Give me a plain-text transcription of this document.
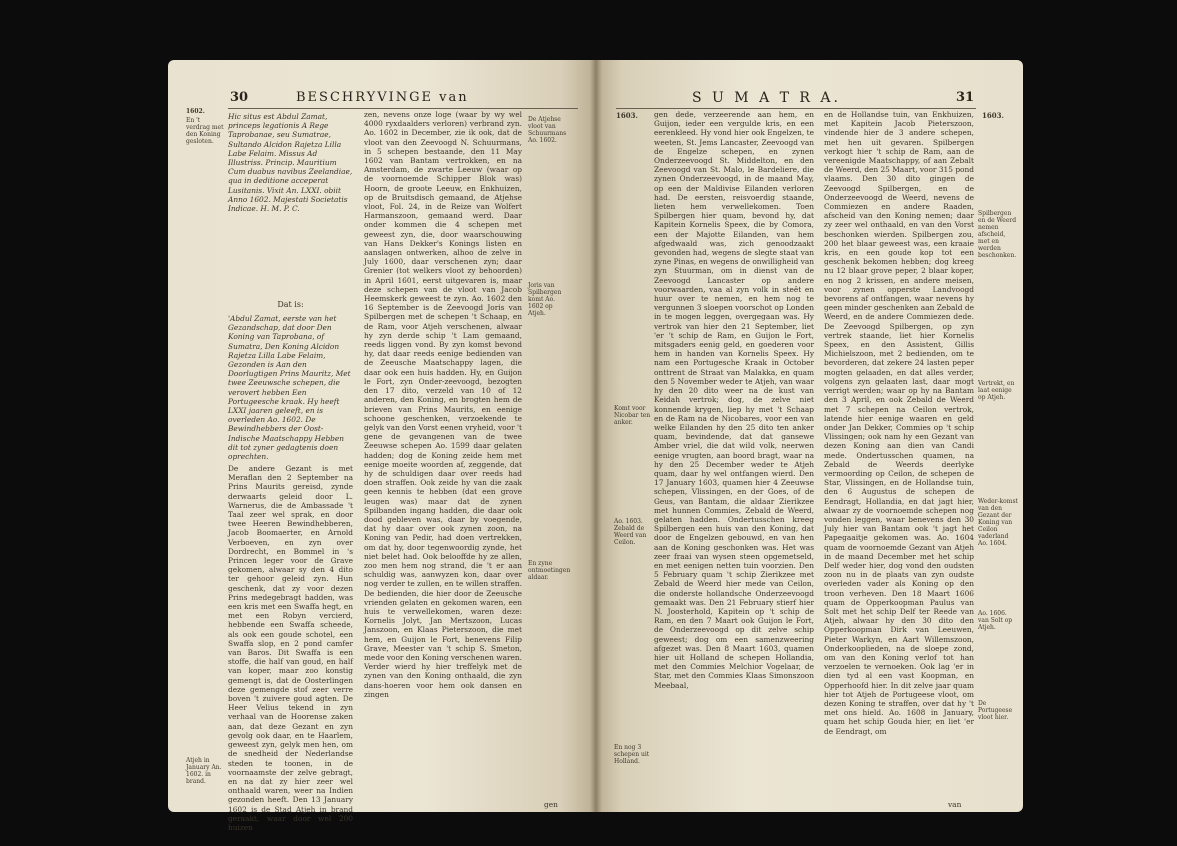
30	BESCHRYVINGE van
1602.
En 't verdrag met den Koning gesloten.
Hic situs est Abdul Zamat, princeps legationis A Rege Taprobanae, seu Sumatrae, Sultando Alcidon Rajetza Lilla Labe Felaim. Missus Ad Illustriss. Princip. Mauritium Cum duabus navibus Zeelandiae, qua in deditione acceperat Lusitanis. Vixit An. LXXI. obiit Anno 1602. Majestati Societatis Indicae. H. M. P. C.
Dat is:
'Abdul Zamat, eerste van het Gezandschap, dat door Den Koning van Taprobana, of Sumatra, Den Koning Alcidon Rajetza Lilla Labe Felaim, Gezonden is Aan den Doorlugtigen Prins Mauritz, Met twee Zeeuwsche schepen, die verovert hebben Een Portugeesche kraak. Hy heeft LXXI jaaren geleeft, en is overleden Ao. 1602. De Bewindhebbers der Oost-Indische Maatschappy Hebben dit tot zyner gedagtenis doen oprechten.
De andere Gezant is met Meraflan den 2 September na Prins Maurits gereisd, zynde derwaarts geleid door L. Warnerus, die de Ambassade 't Taal zeer wel sprak, en door twee Heeren Bewindhebberen, Jacob Boomaerter, en Arnold Verboeven, en zyn over Dordrecht, en Bommel in 's Princen leger voor de Grave gekomen, alwaar sy den 4 dito ter gehoor geleid zyn. Hun geschenk, dat zy voor dezen Prins medegebragt hadden, was een kris met een Swaffa hegt, en met een Robyn vercierd, hebbende een Swaffa scheede, als ook een goude schotel, een Swaffa slop, en 2 pond camfer van Baros. Dit Swaffa is een stoffe, die half van goud, en half van koper, maar zoo konstig gemengt is, dat de Oosterlingen deze gemengde stof zeer verre boven 't zuivere goud agten. De Heer Velius tekend in zyn verhaal van de Hoorense zaken aan, dat deze Gezant en zyn gevolg ook daar, en te Haarlem, geweest zyn, gelyk men hen, om de snedheid der Nederlandse steden te toonen, in de voornaamste der zelve gebragt, en na dat zy hier zeer wel onthaald waren, weer na Indien gezonden heeft. Den 13 January 1602 is de Stad Atjeh in brand geraakt, waar door wel 200 huizen
Atjeh in January An. 1602. in brand.
zen, nevens onze loge (waar by wy wel 4000 ryxdaalders verloren) verbrand zyn. Ao. 1602 in December, zie ik ook, dat de vloot van den Zeevoogd N. Schuurmans, in 5 schepen bestaande, den 11 May 1602 van Bantam vertrokken, en na Amsterdam, de zwarte Leeuw (waar op de voornoemde Schipper Blok was) Hoorn, de groote Leeuw, en Enkhuizen, op de Bruitsdisch gemaand, de Atjehse vloot, Fol. 24, in de Reize van Wolfert Harmanszoon, gemaand werd. Daar onder kommen die 4 schepen met geweest zyn, die, door waarschouwing van Hans Dekker's Konings listen en aanslagen ontwerken, alhoo de zelve in July 1600, daar verschenen zyn; daar Grenier (tot welkers vloot zy behoorden) in April 1601, eerst uitgevaren is, maar deze schepen van de vloot van Jacob Heemskerk geweest te zyn. Ao. 1602 den 16 September is de Zeevoogd Joris van Spilbergen met de schepen 't Schaap, en de Ram, voor Atjeh verschenen, alwaar hy zyn derde schip 't Lam gemaand, reeds liggen vond. By zyn komst bevond hy, dat daar reeds eenige bedienden van de Zeeusche Maatschappy lagen, die daar ook een huis hadden. Hy, en Guijon le Fort, zyn Onder-zeevoogd, bezogten den 17 dito, verzeld van 10 of 12 anderen, den Koning, en brogten hem de brieven van Prins Maurits, en eenige schoone geschenken, verzoekende te gelyk van den Vorst eenen vryheid, voor 't gene de gevangenen van de twee Zeeuwse schepen Ao. 1599 daar gelaten hadden; dog de Koning zeide hem met eenige moeite woorden af, zeggende, dat hy de schuldigen daar over reeds had doen straffen. Ook zeide hy van die zaak geen kennis te hebben (dat een grove leugen was) maar dat de zynen Spilbanden ingang hadden, die daar ook dood gebleven was, daar by voegende, dat hy daar over ook zynen zoon, na Koning van Pedir, had doen vertrekken, om dat hy, door tegenwoordig zynde, het niet belet had. Ook belooffde hy ze allen, zoo men hem nog strand, die 't er aan schuldig was, aanwyzen kon, daar over nog verder te zullen, en te willen straffen. De bedienden, die hier door de Zeeusche vrienden gelaten en gekomen waren, een huis te verwellekomen, waren deze: Kornelis Jolyt, Jan Mertszoon, Lucas Janszoon, en Klaas Pieterszoon, die met hem, en Guijon le Fort, benevens Filip Grave, Meester van 't schip S. Smeton, mede voor den Koning verschenen waren. Verder wierd hy hier treffelyk met de zynen van den Koning onthaald, die zyn dans-hoeren voor hem ook dansen en zingen
De Atjehse vloot van Schuurmans Ao. 1602.
Joris van Spilbergen komt Ao. 1602 op Atjeh.
En zyne ontmoetingen aldaar.
gen
S U M A T R A.	31
1603.	1603.
gen dede, verzeerende aan hem, en Guijon, ieder een vergulde kris, en een eerenkleed. Hy vond hier ook Engelzen, te weeten, St. Jems Lancaster, Zeevoogd van de Engelze schepen, en zynen Onderzeevoogd St. Middelton, en den Zeevoogd van St. Malo, le Bardeliere, die zynen Onderzeevoogd, in de maand May, op een der Maldivise Eilanden verloren had. De eersten, reisvoerdig staande, lieten hem verwellekomen. Toen Spilbergen hier quam, bevond hy, dat Kapitein Kornelis Speex, die by Comora, een der Majotte Eilanden, van hem afgedwaald was, zich genoodzaakt gevonden had, wegens de slegte staat van zyne Pinas, en wegens de onwilligheid van zyn Stuurman, om in dienst van de Zeevoogd Lancaster op andere voorwaarden, vaa al zyn volk in steêt en huur over te nemen, en hem nog te vergunnen 3 sloepen voorschot op Londen in te mogen leggen, overgegaan was. Hy vertrok van hier den 21 September, liet 'er 't schip de Ram, en Guijon le Fort, mitsgaders eenig geld, en goederen voor hem in handen van Kornelis Speex. Hy nam een Portugesche Kraak in October onttrent de Straat van Malakka, en quam den 5 November weder te Atjeh, van waar hy den 20 dito weer na de kust van Keidah vertrok; dog, de zelve niet konnende krygen, liep hy met 't Schaap en de Ram na de Nicobares, voor een van welke Eilanden hy den 25 dito ten anker quam, bevindende, dat dat gansewe Amber vriel, die dat wild volk, neerwen eenige vrugten, aan boord bragt, waar na hy den 25 December weder te Atjeh quam, daar hy wel ontfangen wierd. Den 17 January 1603, quamen hier 4 Zeeuwse schepen, Vlissingen, en der Goes, of de Geus, van Bantam, die aldaar Zierikzee met hunnen Commies, Zebald de Weerd, gelaten hadden. Ondertusschen kreeg Spilbergen een huis van den Koning, dat door de Engelzen gebouwd, en van hen aan de Koning geschonken was. Het was zeer fraai van wysen steen opgemetseld, en met eenigen netten tuin voorzien. Den 5 February quam 't schip Zierikzee met Zebald de Weerd hier mede van Ceilon, die onderste hollandsche Onderzeevoogd gemaakt was. Den 21 February stierf hier N. Joosterhold, Kapitein op 't schip de Ram, en den 7 Maart ook Guijon le Fort, de Onderzeevoogd op dit zelve schip geweest; dog om een samenzweering afgezet was. Den 8 Maart 1603, quamen hier uit Holland de schepen Hollandia, met den Commies Melchior Vogelaar, de Star, met den Commies Klaas Simonszoon Meebaal,
Komt voor Nicobar ten anker.
Ao. 1603. Zebald de Weerd van Ceilon.
En nog 3 schepen uit Holland.
en de Hollandse tuin, van Enkhuizen, met Kapitein Jacob Pieterszoon, vindende hier de 3 andere schepen, met hen uit gevaren. Spilbergen verkogt hier 't schip de Ram, aan de vereenigde Maatschappy, of aan Zebalt de Weerd, den 25 Maart, voor 315 pond vlaams. Den 30 dito gingen de Zeevoogd Spilbergen, en de Onderzeevoogd de Weerd, nevens de Commiezen en andere Raaden, afscheid van den Koning nemen; daar zy zeer wel onthaald, en van den Vorst beschonken wierden. Spilbergen zou, 200 het blaar geweest was, een kraaie kris, en een goude kop tot een geschenk bekomen hebben; dog kreeg nu 12 blaar grove peper, 2 blaar koper, en nog 2 krissen, en andere meisen, voor zynen opperste Landvoogd bevorens af ontfangen, waar nevens hy geen minder geschenken aan Zebald de Weerd, en de andere Commiezen dede. De Zeevoogd Spilbergen, op zyn vertrek staande, liet hier Kornelis Speex, en den Assistent, Gillis Michielszoon, met 2 bedienden, om te bevorderen, dat zekere 24 lasten peper mogten gelaaden, en dat alles verder, volgens zyn gelaaten last, daar mogt verrigt werden; waar op hy na Bantam den 3 April, en ook Zebald de Weerd met 7 schepen na Ceilon vertrok, latende hier eenige waaren en geld onder Jan Dekker, Commies op 't schip Vlissingen; ook nam hy een Gezant van dezen Koning aan dien van Candi mede. Ondertusschen quamen, na Zebald de Weerds deerlyke vermoording op Ceilon, de schepen de Star, Vlissingen, en de Hollandse tuin, den 6 Augustus de schepen de Eendragt, Hollandia, en dat jagt hier, alwaar zy de voornoemde schepen nog vonden leggen, waar benevens den 30 July hier van Bantam ook 't jagt het Papegaaitje gekomen was. Ao. 1604 quam de voornoemde Gezant van Atjeh in de maand December met het schip Delf weder hier, dog vond den oudsten zoon nu in de plaats van zyn oudste overleden vader als Koning op den troon verheven. Den 18 Maart 1606 quam de Opperkoopman Paulus van Solt met het schip Delf ter Reede van Atjeh, alwaar hy den 30 dito den Opperkoopman Dirk van Leeuwen, Pieter Warkyn, en Aart Willemszoon, Onderkooplieden, na de sloepe zond, om van den Koning verlof tot han verzoelen te vernoeken. Ook lag 'er in dien tyd al een vast Koopman, en Opperhoofd hier. In dit zelve jaar quam hier tot Atjeh de Portugeese vloot, om dezen Koning te straffen, over dat hy 't met ons hield. Ao. 1608 in January, quam het schip Gouda hier, en liet 'er de Eendragt, om
Spilbergen en de Weerd nemen afscheid, met en werden beschonken.
Vertrekt, en laat eenige op Atjeh.
Weder-komst van den Gezant der Koning van Ceilon vaderland Ao. 1604.
Ao. 1606. van Solt op Atjeh.
De Portugeese vloot hier.
van
